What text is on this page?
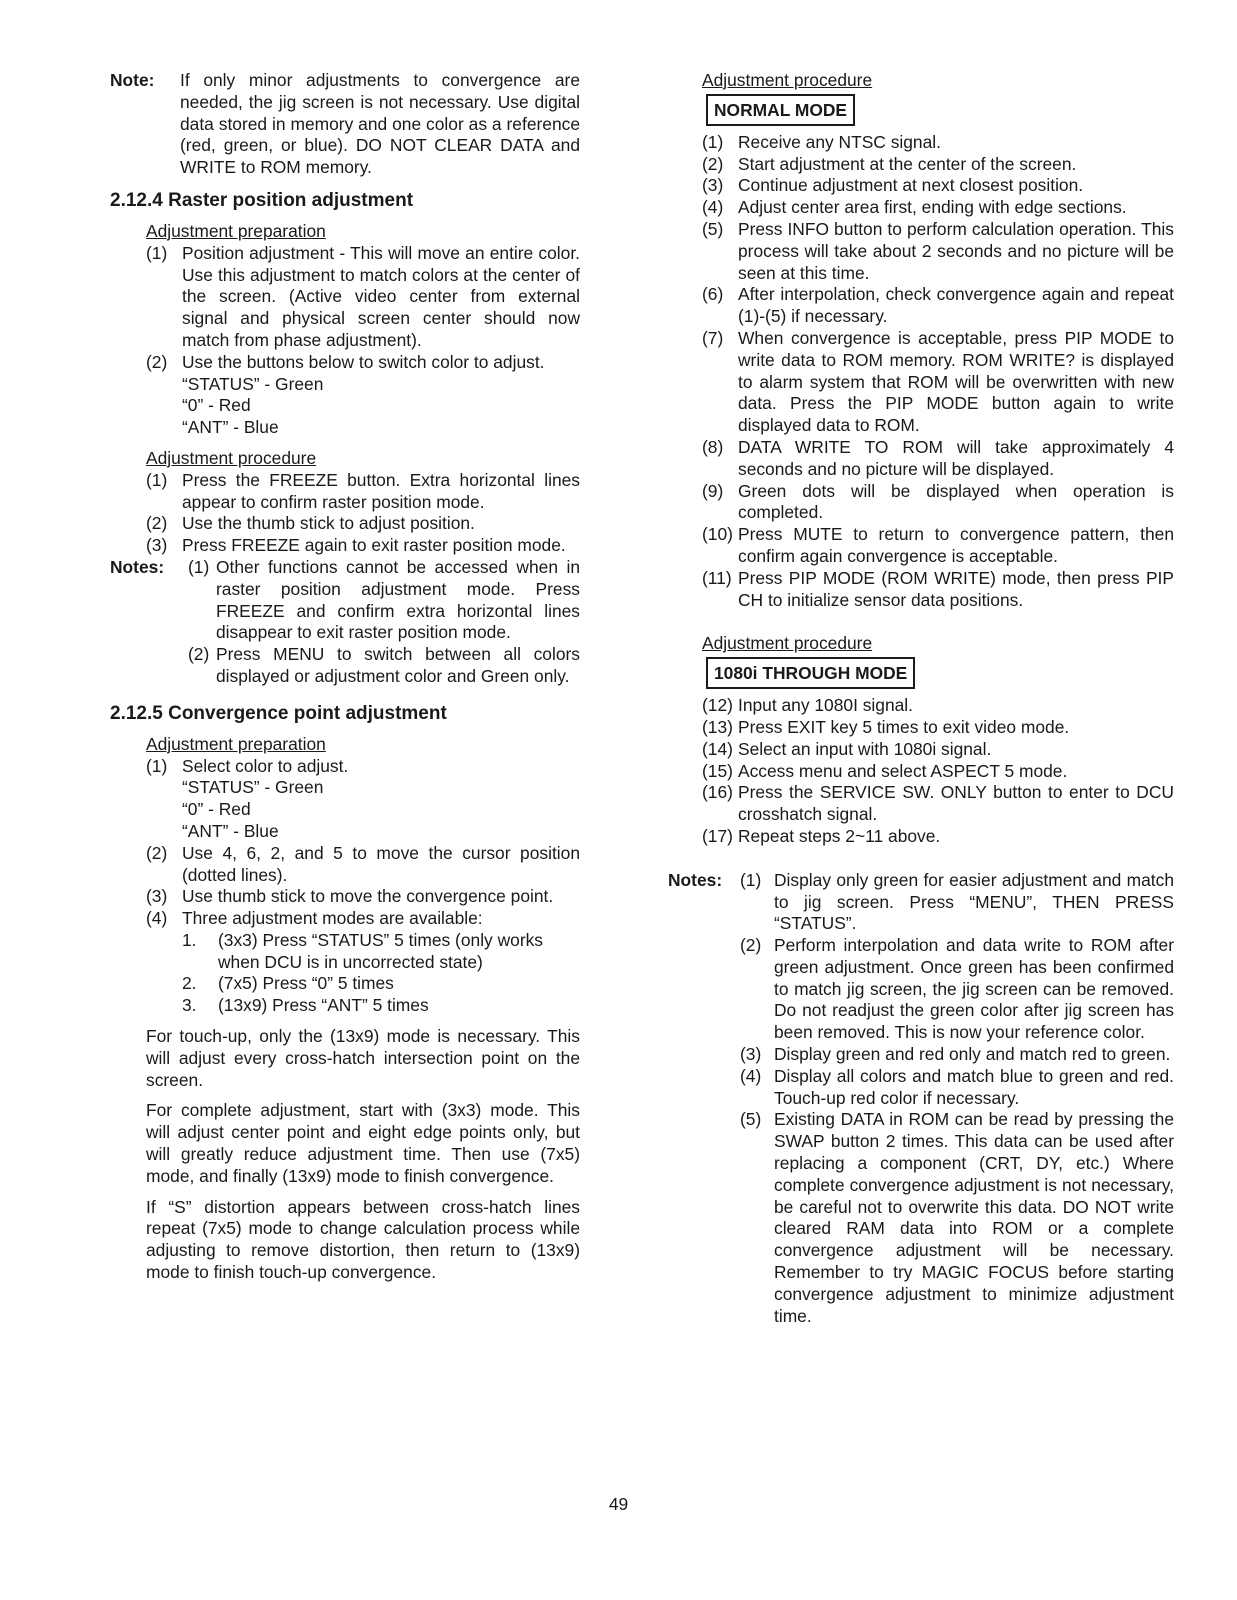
Note:	If only minor adjustments to convergence are needed, the jig screen is not necessary. Use digital data stored in memory and one color as a reference (red, green, or blue). DO NOT CLEAR DATA and WRITE to ROM memory.
2.12.4 Raster position adjustment
Adjustment preparation
(1) Position adjustment - This will move an entire color. Use this adjustment to match colors at the center of the screen. (Active video center from external signal and physical screen center should now match from phase adjustment).
(2) Use the buttons below to switch color to adjust.
“STATUS” - Green
“0” - Red
“ANT” - Blue
Adjustment procedure
(1) Press the FREEZE button. Extra horizontal lines appear to confirm raster position mode.
(2) Use the thumb stick to adjust position.
(3) Press FREEZE again to exit raster position mode.
Notes:	(1) Other functions cannot be accessed when in raster position adjustment mode. Press FREEZE and confirm extra horizontal lines disappear to exit raster position mode.
(2) Press MENU to switch between all colors displayed or adjustment color and Green only.
2.12.5 Convergence point adjustment
Adjustment preparation
(1) Select color to adjust.
“STATUS” - Green
“0” - Red
“ANT” - Blue
(2) Use 4, 6, 2, and 5 to move the cursor position (dotted lines).
(3) Use thumb stick to move the convergence point.
(4) Three adjustment modes are available:
1.	(3x3) Press “STATUS” 5 times (only works when DCU is in uncorrected state)
2.	(7x5) Press “0” 5 times
3.	(13x9) Press “ANT” 5 times

For touch-up, only the (13x9) mode is necessary. This will adjust every cross-hatch intersection point on the screen.

For complete adjustment, start with (3x3) mode. This will adjust center point and eight edge points only, but will greatly reduce adjustment time. Then use (7x5) mode, and finally (13x9) mode to finish convergence.

If “S” distortion appears between cross-hatch lines repeat (7x5) mode to change calculation process while adjusting to remove distortion, then return to (13x9) mode to finish touch-up convergence.

Adjustment procedure
NORMAL MODE
(1) Receive any NTSC signal.
(2) Start adjustment at the center of the screen.
(3) Continue adjustment at next closest position.
(4) Adjust center area first, ending with edge sections.
(5) Press INFO button to perform calculation operation. This process will take about 2 seconds and no picture will be seen at this time.
(6) After interpolation, check convergence again and repeat (1)-(5) if necessary.
(7) When convergence is acceptable, press PIP MODE to write data to ROM memory. ROM WRITE? is displayed to alarm system that ROM will be overwritten with new data. Press the PIP MODE button again to write displayed data to ROM.
(8) DATA WRITE TO ROM will take approximately 4 seconds and no picture will be displayed.
(9) Green dots will be displayed when operation is completed.
(10) Press MUTE to return to convergence pattern, then confirm again convergence is acceptable.
(11) Press PIP MODE (ROM WRITE) mode, then press PIP CH to initialize sensor data positions.
Adjustment procedure
1080i THROUGH MODE
(12) Input any 1080I signal.
(13) Press EXIT key 5 times to exit video mode.
(14) Select an input with 1080i signal.
(15) Access menu and select ASPECT 5 mode.
(16) Press the SERVICE SW. ONLY button to enter to DCU crosshatch signal.
(17) Repeat steps 2~11 above.
Notes:	(1) Display only green for easier adjustment and match to jig screen. Press “MENU”, THEN PRESS “STATUS”.
(2) Perform interpolation and data write to ROM after green adjustment. Once green has been confirmed to match jig screen, the jig screen can be removed. Do not readjust the green color after jig screen has been removed. This is now your reference color.
(3) Display green and red only and match red to green.
(4) Display all colors and match blue to green and red. Touch-up red color if necessary.
(5) Existing DATA in ROM can be read by pressing the SWAP button 2 times. This data can be used after replacing a component (CRT, DY, etc.) Where complete convergence adjustment is not necessary, be careful not to overwrite this data. DO NOT write cleared RAM data into ROM or a complete convergence adjustment will be necessary. Remember to try MAGIC FOCUS before starting convergence adjustment to minimize adjustment time.
49
